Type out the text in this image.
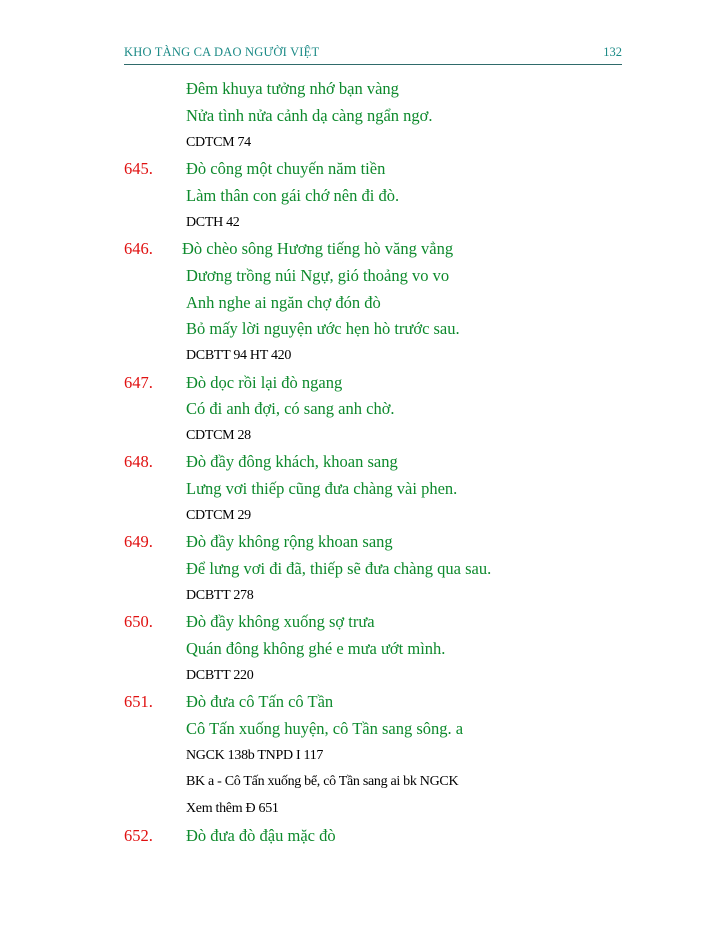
KHO TÀNG CA DAO NGƯỜI VIỆT	132
Đêm khuya tưởng nhớ bạn vàng
Nửa tình nửa cảnh dạ càng ngẩn ngơ.
CDTCM 74
645. Đò công một chuyến năm tiền
Làm thân con gái chớ nên đi đò.
DCTH 42
646. Đò chèo sông Hương tiếng hò văng vẳng
Dương trồng núi Ngự, gió thoảng vo vo
Anh nghe ai ngăn chợ đón đò
Bỏ mấy lời nguyện ước hẹn hò trước sau.
DCBTT 94 HT 420
647. Đò dọc rồi lại đò ngang
Có đi anh đợi, có sang anh chờ.
CDTCM 28
648. Đò đầy đông khách, khoan sang
Lưng vơi thiếp cũng đưa chàng vài phen.
CDTCM 29
649. Đò đầy không rộng khoan sang
Để lưng vơi đi đã, thiếp sẽ đưa chàng qua sau.
DCBTT 278
650. Đò đầy không xuống sợ trưa
Quán đông không ghé e mưa ướt mình.
DCBTT 220
651. Đò đưa cô Tấn cô Tần
Cô Tấn xuống huyện, cô Tần sang sông. a
NGCK 138b TNPD I 117
BK a - Cô Tấn xuống bể, cô Tần sang ai bk NGCK
Xem thêm Đ 651
652. Đò đưa đò đậu mặc đò
